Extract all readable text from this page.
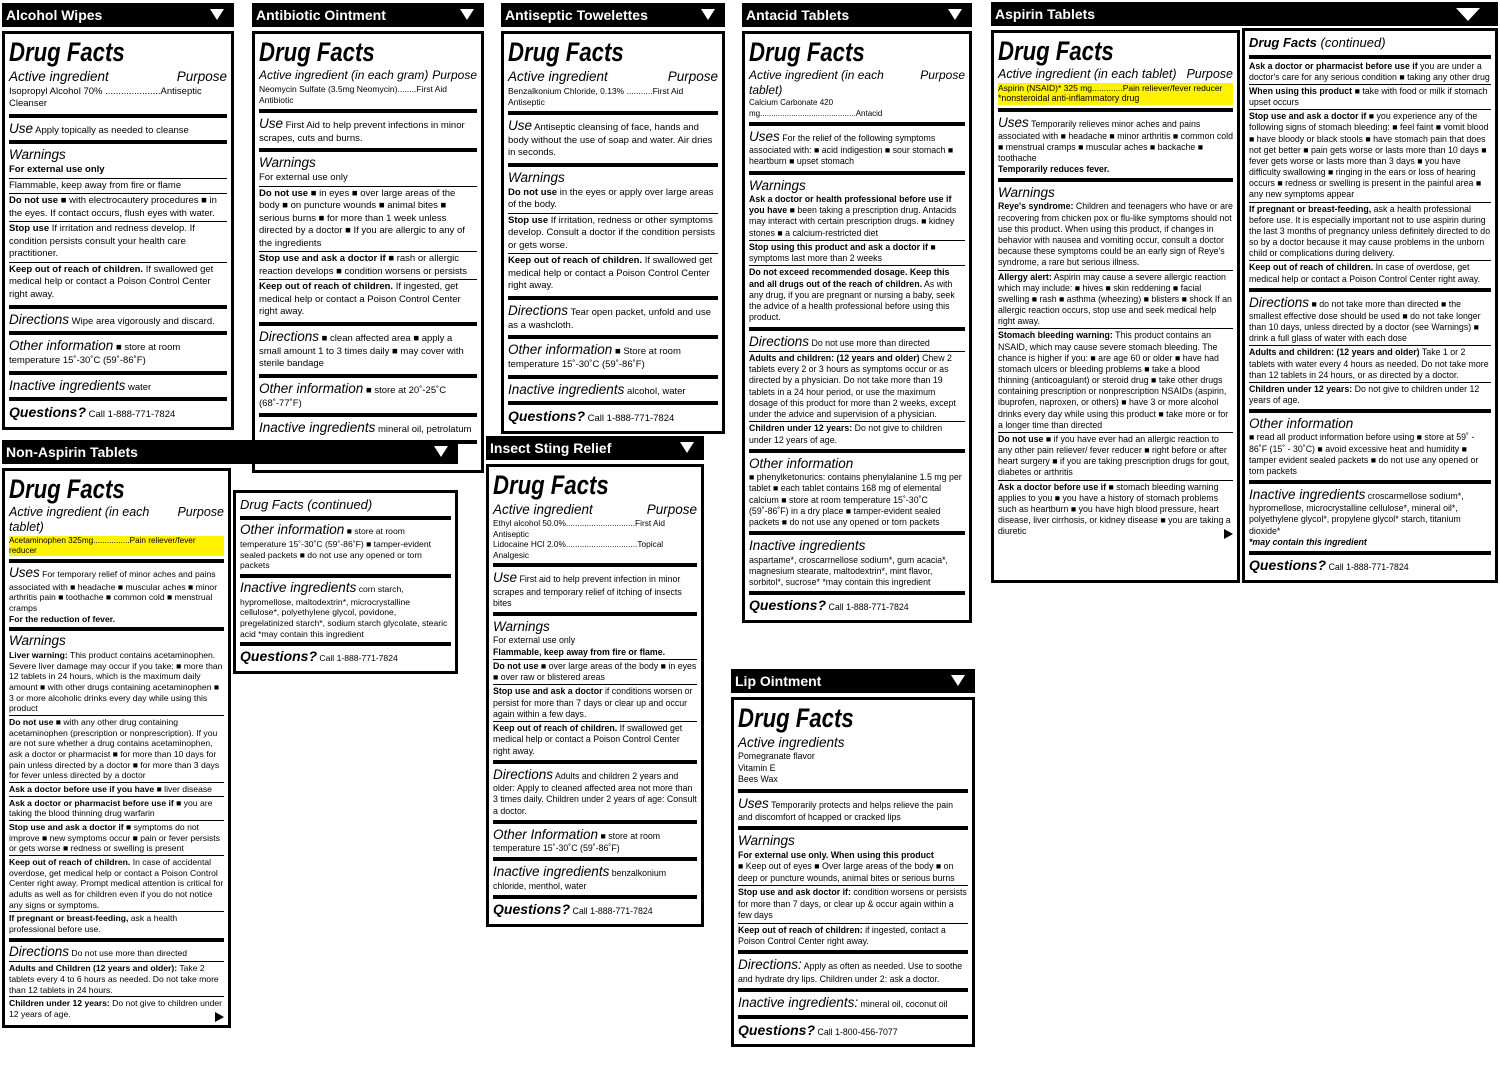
Alcohol Wipes
Drug Facts
Active ingredient	Purpose

Isopropyl Alcohol 70% .....................Antiseptic Cleanser

Use Apply topically as needed to cleanse
Warnings

For external use only

Flammable, keep away from fire or flame

Do not use ■ with electrocautery procedures ■ in the eyes. If contact occurs, flush eyes with water.

Stop use If irritation and redness develop. If condition persists consult your health care practitioner.

Keep out of reach of children. If swallowed get medical help or contact a Poison Control Center right away.

Directions Wipe area vigorously and discard.
Other information ■ store at room temperature 15˚-30˚C (59˚-86˚F)
Inactive ingredients water
Questions? Call 1-888-771-7824
Antibiotic Ointment
Drug Facts
Active ingredient (in each gram) Purpose

Neomycin Sulfate (3.5mg Neomycin)........First Aid Antibiotic

Use First Aid to help prevent infections in minor scrapes, cuts and burns.
Warnings

For external use only

Do not use ■ in eyes ■ over large areas of the body ■ on puncture wounds ■ animal bites ■ serious burns ■ for more than 1 week unless directed by a doctor ■ If you are allergic to any of the ingredients

Stop use and ask a doctor if ■ rash or allergic reaction develops ■ condition worsens or persists

Keep out of reach of children. If ingested, get medical help or contact a Poison Control Center right away.

Directions ■ clean affected area ■ apply a small amount 1 to 3 times daily ■ may cover with sterile bandage
Other information ■ store at 20˚-25˚C (68˚-77˚F)
Inactive ingredients mineral oil, petrolatum
Antiseptic Towelettes
Drug Facts
Active ingredient	Purpose

Benzalkonium Chloride, 0.13% ...........First Aid Antiseptic

Use Antiseptic cleansing of face, hands and body without the use of soap and water. Air dries in seconds.
Warnings

Do not use in the eyes or apply over large areas of the body.

Stop use If irritation, redness or other symptoms develop. Consult a doctor if the condition persists or gets worse.

Keep out of reach of children. If swallowed get medical help or contact a Poison Control Center right away.

Directions Tear open packet, unfold and use as a washcloth.
Other information ■ Store at room temperature 15˚-30˚C (59˚-86˚F)
Inactive ingredients alcohol, water
Questions? Call 1-888-771-7824
Antacid Tablets
Drug Facts
Active ingredient (in each tablet)
Purpose

Calcium Carbonate 420 mg...........................................Antacid

Uses For the relief of the following symptoms associated with: ■ acid indigestion ■ sour stomach ■ heartburn ■ upset stomach
Warnings

Ask a doctor or health professional before use if you have ■ been taking a prescription drug. Antacids may interact with certain prescription drugs. ■ kidney stones ■ a calcium-restricted diet

Stop using this product and ask a doctor if ■ symptoms last more than 2 weeks

Do not exceed recommended dosage. Keep this and all drugs out of the reach of children. As with any drug, if you are pregnant or nursing a baby, seek the advice of a health professional before using this product.

Directions Do not use more than directed

Adults and children: (12 years and older) Chew 2 tablets every 2 or 3 hours as symptoms occur or as directed by a physician. Do not take more than 19 tablets in a 24 hour period, or use the maximum dosage of this product for more than 2 weeks, except under the advice and supervision of a physician.

Children under 12 years: Do not give to children under 12 years of age.

Other information

■ phenylketonurics: contains phenylalanine 1.5 mg per tablet ■ each tablet contains 168 mg of elemental calcium ■ store at room temperature 15˚-30˚C (59˚-86˚F) in a dry place ■ tamper-evident sealed packets ■ do not use any opened or torn packets

Inactive ingredients

aspartame*, croscarmellose sodium*, gum acacia*, magnesium stearate, maltodextrin*, mint flavor, sorbitol*, sucrose* *may contain this ingredient

Questions? Call 1-888-771-7824
Aspirin Tablets
Drug Facts
Active ingredient (in each tablet) Purpose

Aspirin (NSAID)* 325 mg.............Pain reliever/fever reducer

*nonsteroidal anti-inflammatory drug

Uses Temporarily relieves minor aches and pains associated with ■ headache ■ minor arthritis ■ common cold ■ menstrual cramps ■ muscular aches ■ backache ■ toothache

Temporarily reduces fever.

Warnings

Reye's syndrome: Children and teenagers who have or are recovering from chicken pox or flu-like symptoms should not use this product. When using this product, if changes in behavior with nausea and vomiting occur, consult a doctor because these symptoms could be an early sign of Reye's syndrome, a rare but serious illness.

Allergy alert: Aspirin may cause a severe allergic reaction which may include: ■ hives ■ skin reddening ■ facial swelling ■ rash ■ asthma (wheezing) ■ blisters ■ shock If an allergic reaction occurs, stop use and seek medical help right away.

Stomach bleeding warning: This product contains an NSAID, which may cause severe stomach bleeding. The chance is higher if you: ■ are age 60 or older ■ have had stomach ulcers or bleeding problems ■ take a blood thinning (anticoagulant) or steroid drug ■ take other drugs containing prescription or nonprescription NSAIDs (aspirin, ibuprofen, naproxen, or others) ■ have 3 or more alcohol drinks every day while using this product ■ take more or for a longer time than directed

Do not use ■ if you have ever had an allergic reaction to any other pain reliever/ fever reducer ■ right before or after heart surgery ■ if you are taking prescription drugs for gout, diabetes or arthritis

Ask a doctor before use if ■ stomach bleeding warning applies to you ■ you have a history of stomach problems such as heartburn ■ you have high blood pressure, heart disease, liver cirrhosis, or kidney disease ■ you are taking a diuretic

Drug Facts (continued)

Ask a doctor or pharmacist before use if you are under a doctor's care for any serious condition ■ taking any other drug

When using this product ■ take with food or milk if stomach upset occurs

Stop use and ask a doctor if ■ you experience any of the following signs of stomach bleeding: ■ feel faint ■ vomit blood ■ have bloody or black stools ■ have stomach pain that does not get better ■ pain gets worse or lasts more than 10 days ■ fever gets worse or lasts more than 3 days ■ you have difficulty swallowing ■ ringing in the ears or loss of hearing occurs ■ redness or swelling is present in the painful area ■ any new symptoms appear

If pregnant or breast-feeding, ask a health professional before use. It is especially important not to use aspirin during the last 3 months of pregnancy unless definitely directed to do so by a doctor because it may cause problems in the unborn child or complications during delivery.

Keep out of reach of children. In case of overdose, get medical help or contact a Poison Control Center right away.

Directions ■ do not take more than directed ■ the smallest effective dose should be used ■ do not take longer than 10 days, unless directed by a doctor (see Warnings) ■ drink a full glass of water with each dose

Adults and children: (12 years and older) Take 1 or 2 tablets with water every 4 hours as needed. Do not take more than 12 tablets in 24 hours, or as directed by a doctor.

Children under 12 years: Do not give to children under 12 years of age.

Other information

■ read all product information before using ■ store at 59˚ - 86˚F (15˚ - 30˚C) ■ avoid excessive heat and humidity ■ tamper evident sealed packets ■ do not use any opened or torn packets

Inactive ingredients croscarmellose sodium*, hypromellose, microcrystalline cellulose*, mineral oil*, polyethylene glycol*, propylene glycol* starch, titanium dioxide*

*may contain this ingredient

Questions? Call 1-888-771-7824
Non-Aspirin Tablets
Drug Facts
Active ingredient (in each tablet)
Purpose

Acetaminophen 325mg................Pain reliever/fever reducer

Uses For temporary relief of minor aches and pains associated with ■ headache ■ muscular aches ■ minor arthritis pain ■ toothache ■ common cold ■ menstrual cramps

For the reduction of fever.

Warnings

Liver warning: This product contains acetaminophen. Severe liver damage may occur if you take: ■ more than 12 tablets in 24 hours, which is the maximum daily amount ■ with other drugs containing acetaminophen ■ 3 or more alcoholic drinks every day while using this product

Do not use ■ with any other drug containing acetaminophen (prescription or nonprescription). If you are not sure whether a drug contains acetaminophen, ask a doctor or pharmacist ■ for more than 10 days for pain unless directed by a doctor ■ for more than 3 days for fever unless directed by a doctor

Ask a doctor before use if you have ■ liver disease

Ask a doctor or pharmacist before use if ■ you are taking the blood thinning drug warfarin

Stop use and ask a doctor if ■ symptoms do not improve ■ new symptoms occur ■ pain or fever persists or gets worse ■ redness or swelling is present

Keep out of reach of children. In case of accidental overdose, get medical help or contact a Poison Control Center right away. Prompt medical attention is critical for adults as well as for children even if you do not notice any signs or symptoms.

If pregnant or breast-feeding, ask a health professional before use.

Directions Do not use more than directed

Adults and Children (12 years and older): Take 2 tablets every 4 to 6 hours as needed. Do not take more than 12 tablets in 24 hours.

Children under 12 years: Do not give to children under 12 years of age.

Drug Facts (continued)
Other information ■ store at room temperature 15˚-30˚C (59˚-86˚F) ■ tamper-evident sealed packets ■ do not use any opened or torn packets
Inactive ingredients corn starch, hypromellose, maltodextrin*, microcrystalline cellulose*, polyethylene glycol, povidone, pregelatinized starch*, sodium starch glycolate, stearic acid *may contain this ingredient
Questions? Call 1-888-771-7824
Insect Sting Relief
Drug Facts
Active ingredient	Purpose

Ethyl alcohol 50.0%..............................First Aid Antiseptic

Lidocaine HCl 2.0%...............................Topical Analgesic

Use First aid to help prevent infection in minor scrapes and temporary relief of itching of insects bites
Warnings

For external use only

Flammable, keep away from fire or flame.

Do not use ■ over large areas of the body ■ in eyes ■ over raw or blistered areas

Stop use and ask a doctor if conditions worsen or persist for more than 7 days or clear up and occur again within a few days.

Keep out of reach of children. If swallowed get medical help or contact a Poison Control Center right away.

Directions Adults and children 2 years and older: Apply to cleaned affected area not more than 3 times daily. Children under 2 years of age: Consult a doctor.
Other Information ■ store at room temperature 15˚-30˚C (59˚-86˚F)
Inactive ingredients benzalkonium chloride, menthol, water
Questions? Call 1-888-771-7824
Lip Ointment
Drug Facts
Active ingredients

Pomegranate flavor

Vitamin E

Bees Wax

Uses Temporarily protects and helps relieve the pain and discomfort of hcapped or cracked lips
Warnings

For external use only. When using this product

■ Keep out of eyes ■ Over large areas of the body ■ on deep or puncture wounds, animal bites or serious burns

Stop use and ask doctor if: condition worsens or persists for more than 7 days, or clear up & occur again within a few days

Keep out of reach of children: if ingested, contact a Poison Control Center right away.

Directions: Apply as often as needed. Use to soothe and hydrate dry lips. Children under 2: ask a doctor.
Inactive ingredients: mineral oil, coconut oil
Questions? Call 1-800-456-7077
